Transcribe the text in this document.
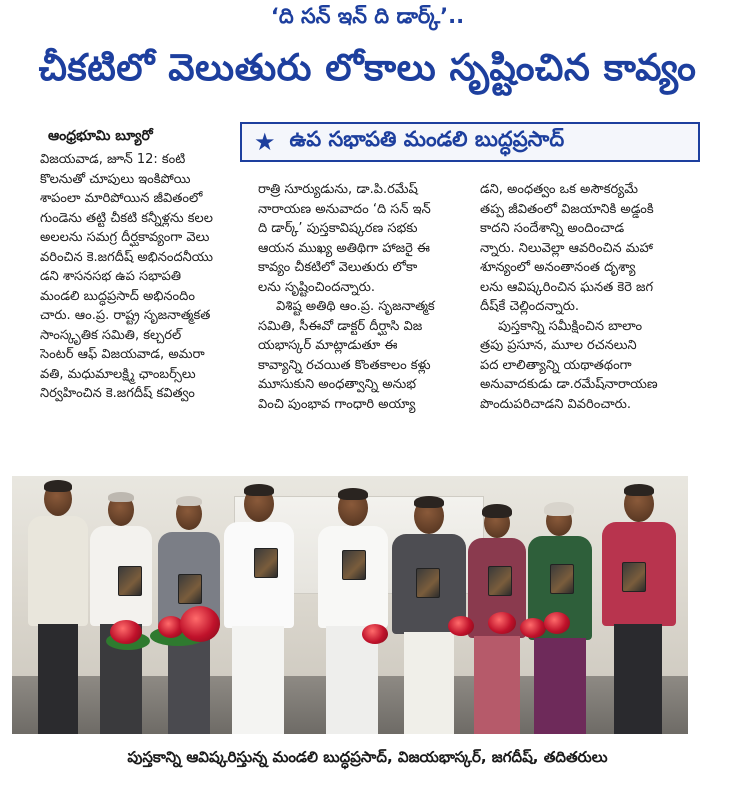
‘ది సన్ ఇన్ ది డార్క్’..
చీకటిలో వెలుతురు లోకాలు సృష్టించిన కావ్యం
ఆంధ్రభూమి బ్యూరో	★ ఉప సభాపతి మండలి బుద్ధప్రసాద్

విజయవాడ, జూన్ 12: కంటి

కొలనుతో చూపులు ఇంకిపోయి

శాపంలా మారిపోయిన జీవితంలో

గుండెను తట్టి చీకటి కన్నీళ్లను కలల

అలలను సమగ్ర దీర్ఘకావ్యంగా వెలు

వరించిన కె.జగదీష్ అభినందనీయు

డని శాసనసభ ఉప సభాపతి

మండలి బుద్ధప్రసాద్ అభినందిం

చారు. ఆం.ప్ర. రాష్ట్ర సృజనాత్మకత

సాంస్కృతిక సమితి, కల్చరల్

సెంటర్ ఆఫ్ విజయవాడ, అమరా

వతి, మధుమాలక్ష్మి ఛాంబర్స్‌లు

నిర్వహించిన కె.జగదీష్ కవిత్వం

రాత్రి సూర్యుడును, డా.పి.రమేష్

నారాయణ అనువాదం ‘ది సన్ ఇన్

ది డార్క్’ పుస్తకావిష్కరణ సభకు

ఆయన ముఖ్య అతిథిగా హాజరై ఈ

కావ్యం చీకటిలో వెలుతురు లోకా

లను సృష్టించిందన్నారు.

విశిష్ట అతిథి ఆం.ప్ర. సృజనాత్మక

సమితి, సీఈవో డాక్టర్ దీర్ఘాసి విజ

యభాస్కర్ మాట్లాడుతూ ఈ

కావ్యాన్ని రచయిత కొంతకాలం కళ్లు

మూసుకుని అంధత్వాన్ని అనుభ

వించి పుంభావ గాంధారి అయ్యా

డని, అంధత్వం ఒక అసౌకర్యమే

తప్ప జీవితంలో విజయానికి అడ్డంకి

కాదని సందేశాన్ని అందించాడ

న్నారు. నిలువెల్లా ఆవరించిన మహా

శూన్యంలో అనంతానంత దృశ్యా

లను ఆవిష్కరించిన ఘనత కెరె జగ

దీష్‌కే చెల్లిందన్నారు.

పుస్తకాన్ని సమీక్షించిన బాలాం

త్రపు ప్రసూన, మూల రచనలుని

పద లాలిత్యాన్ని యథాతథంగా

అనువాదకుడు డా.రమేష్‌నారాయణ

పొందుపరిచాడని వివరించారు.

పుస్తకాన్ని ఆవిష్కరిస్తున్న మండలి బుద్ధప్రసాద్, విజయభాస్కర్, జగదీష్, తదితరులు
